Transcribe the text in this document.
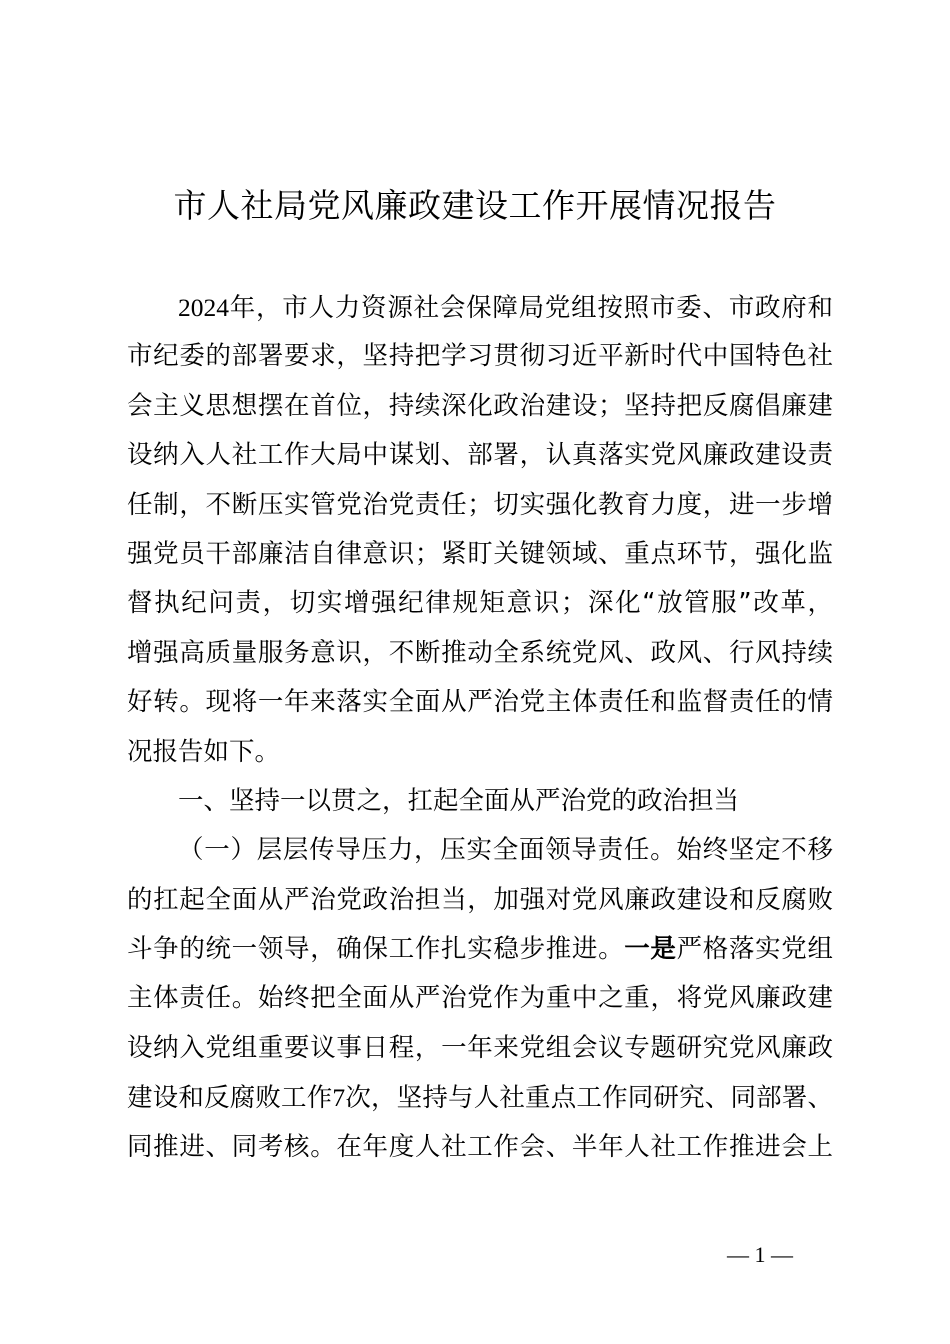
市人社局党风廉政建设工作开展情况报告
2024年，市人力资源社会保障局党组按照市委、市政府和
市纪委的部署要求，坚持把学习贯彻习近平新时代中国特色社
会主义思想摆在首位，持续深化政治建设；坚持把反腐倡廉建
设纳入人社工作大局中谋划、部署，认真落实党风廉政建设责
任制，不断压实管党治党责任；切实强化教育力度，进一步增
强党员干部廉洁自律意识；紧盯关键领域、重点环节，强化监
督执纪问责，切实增强纪律规矩意识；深化“放管服”改革，
增强高质量服务意识，不断推动全系统党风、政风、行风持续
好转。现将一年来落实全面从严治党主体责任和监督责任的情
况报告如下。
一、坚持一以贯之，扛起全面从严治党的政治担当
（一）层层传导压力，压实全面领导责任。始终坚定不移
的扛起全面从严治党政治担当，加强对党风廉政建设和反腐败
斗争的统一领导，确保工作扎实稳步推进。一是严格落实党组
主体责任。始终把全面从严治党作为重中之重，将党风廉政建
设纳入党组重要议事日程，一年来党组会议专题研究党风廉政
建设和反腐败工作7次，坚持与人社重点工作同研究、同部署、
同推进、同考核。在年度人社工作会、半年人社工作推进会上
— 1 —
